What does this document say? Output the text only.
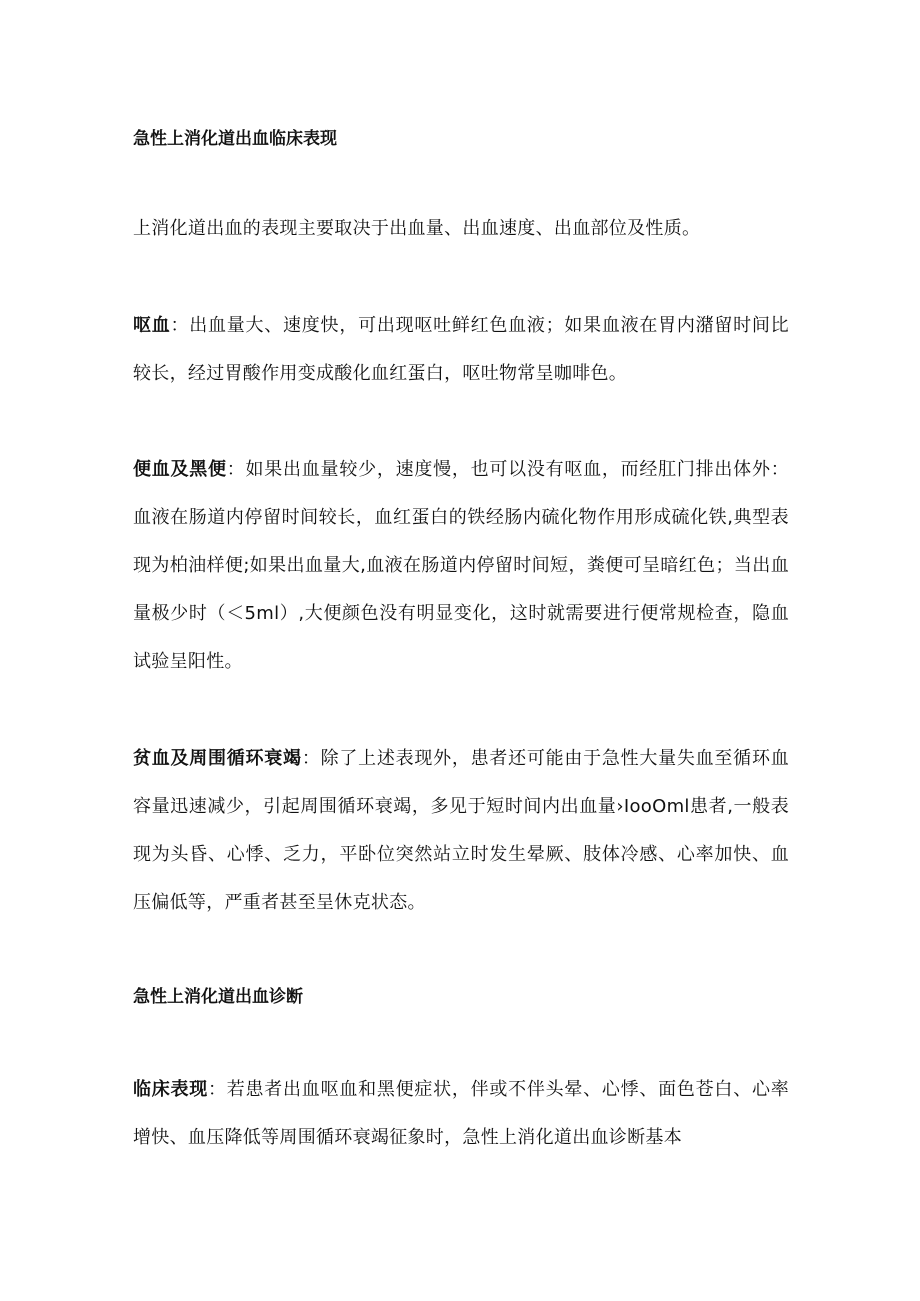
急性上消化道出血临床表现
上消化道出血的表现主要取决于出血量、出血速度、出血部位及性质。
呕血：出血量大、速度快，可出现呕吐鲜红色血液；如果血液在胃内潴留时间比较长，经过胃酸作用变成酸化血红蛋白，呕吐物常呈咖啡色。
便血及黑便：如果出血量较少，速度慢，也可以没有呕血，而经肛门排出体外：血液在肠道内停留时间较长，血红蛋白的铁经肠内硫化物作用形成硫化铁,典型表现为柏油样便;如果出血量大,血液在肠道内停留时间短，粪便可呈暗红色；当出血量极少时（＜5ml）,大便颜色没有明显变化，这时就需要进行便常规检查，隐血试验呈阳性。
贫血及周围循环衰竭：除了上述表现外，患者还可能由于急性大量失血至循环血容量迅速减少，引起周围循环衰竭，多见于短时间内出血量›IooOml患者,一般表现为头昏、心悸、乏力，平卧位突然站立时发生晕厥、肢体冷感、心率加快、血压偏低等，严重者甚至呈休克状态。
急性上消化道出血诊断
临床表现：若患者出血呕血和黑便症状，伴或不伴头晕、心悸、面色苍白、心率增快、血压降低等周围循环衰竭征象时，急性上消化道出血诊断基本
